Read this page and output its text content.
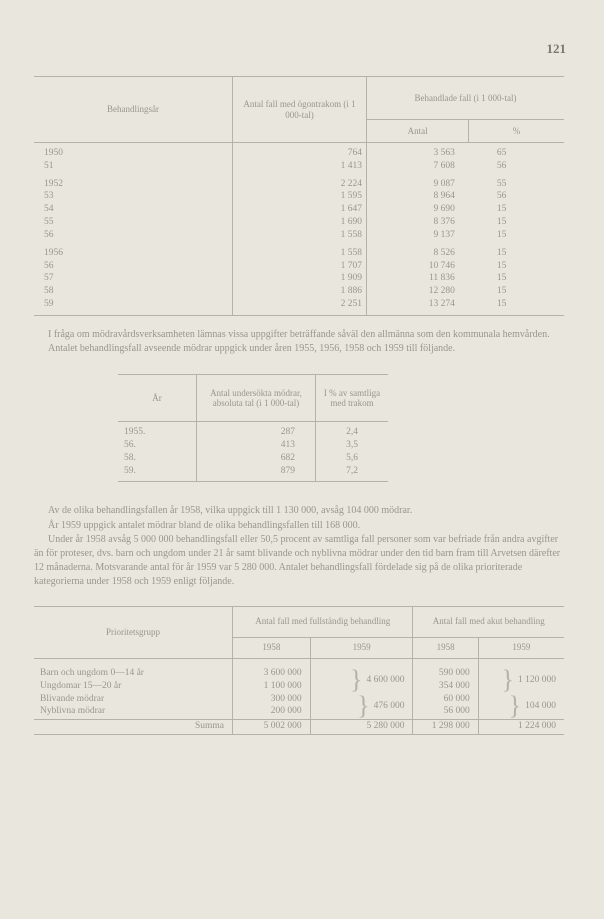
121
Behandlingsår	Antal fall med ögontrakom (i 1 000-tal)	Behandlade fall (i 1 000-tal)	
		Antal	%
1950	764	3 563	65
51	1 413	7 608	56
1952	2 224	9 087	55
53	1 595	8 964	56
54	1 647	9 690	15
55	1 690	8 376	15
56	1 558	9 137	15
1956	1 558	8 526	15
56	1 707	10 746	15
57	1 909	11 836	15
58	1 886	12 280	15
59	2 251	13 274	15

I fråga om mödravårdsverksamheten lämnas vissa uppgifter beträffande såväl den allmänna som den kommunala hemvården.

Antalet behandlingsfall avseende mödrar uppgick under åren 1955, 1956, 1958 och 1959 till följande.

År	Antal undersökta mödrar, absoluta tal (i 1 000-tal)	I % av samtliga med trakom
1955.	287	2,4
56.	413	3,5
58.	682	5,6
59.	879	7,2

Av de olika behandlingsfallen år 1958, vilka uppgick till 1 130 000, avsåg 104 000 mödrar.

År 1959 uppgick antalet mödrar bland de olika behandlingsfallen till 168 000.

Under år 1958 avsåg 5 000 000 behandlingsfall eller 50,5 procent av samtliga fall personer som var befriade från andra avgifter än för proteser, dvs. barn och ungdom under 21 år samt blivande och nyblivna mödrar under den tid barn fram till Arvetsen därefter 12 månaderna. Motsvarande antal för år 1959 var 5 280 000. Antalet behandlingsfall fördelade sig på de olika prioriterade kategorierna under 1958 och 1959 enligt följande.

Prioritetsgrupp	Antal fall med fullständig behandling		Antal fall med akut behandling	
	1958	1959	1958	1959
Barn och ungdom 0—14 år	3 600 000	} 4 600 000	590 000	} 1 120 000
Ungdomar 15—20 år	1 100 000		354 000	
Blivande mödrar	300 000	} 476 000	60 000	} 104 000
Nyblivna mödrar	200 000		56 000	
Summa	5 002 000	5 280 000	1 298 000	1 224 000
